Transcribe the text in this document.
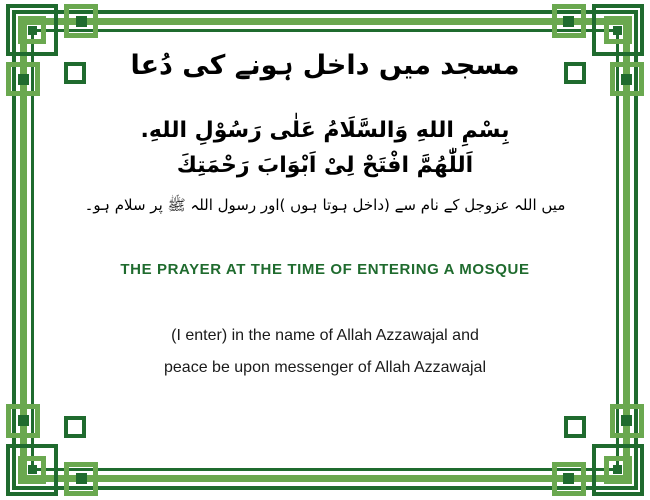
مسجد میں داخل ہونے کی دُعا
بِسْمِ اللهِ وَالسَّلَامُ عَلٰى رَسُوْلِ اللهِ.
اَللّٰهُمَّ افْتَحْ لِىْ اَبْوَابَ رَحْمَتِكَ
میں اللہ عزوجل کے نام سے (داخل ہوتا ہوں )اور رسول اللہ ﷺ پر سلام ہو۔
THE PRAYER AT THE TIME OF ENTERING A MOSQUE
(I enter) in the name of Allah Azzawajal and
peace be upon messenger of Allah Azzawajal
